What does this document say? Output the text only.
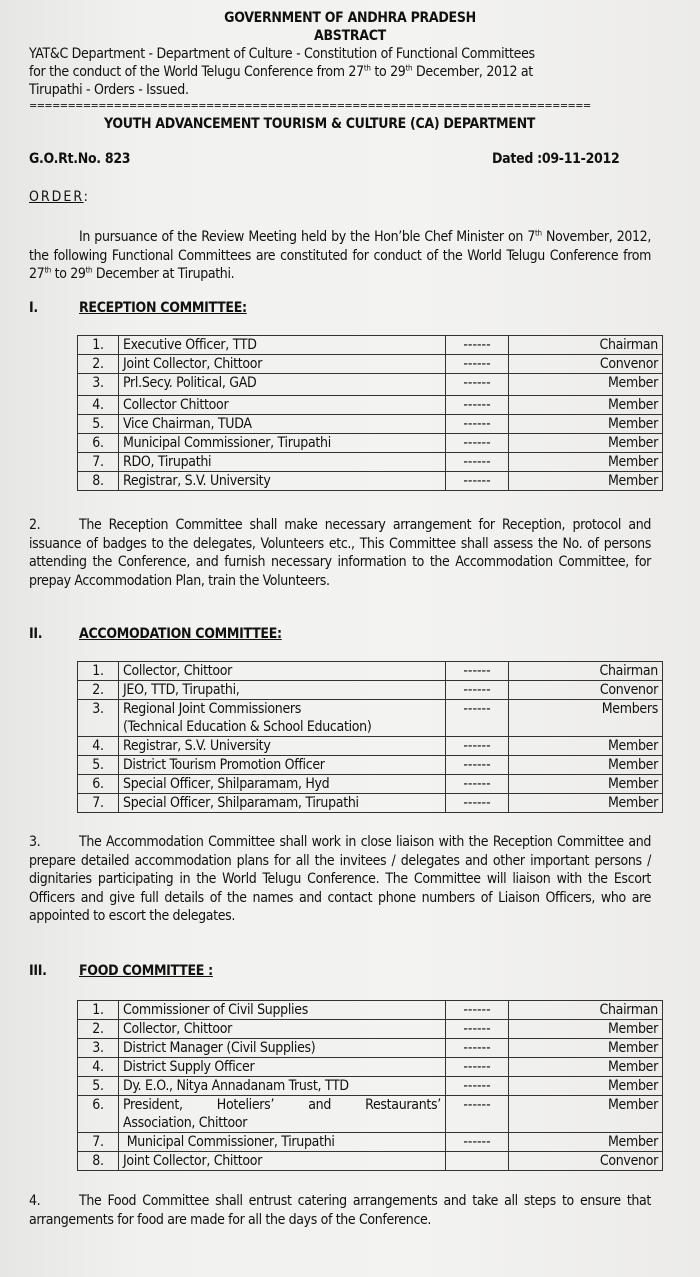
GOVERNMENT OF ANDHRA PRADESH
ABSTRACT
YAT&C Department - Department of Culture - Constitution of Functional Committees
for the conduct of the World Telugu Conference from 27th to 29th December, 2012 at
Tirupathi - Orders - Issued.
=========================================================================
YOUTH ADVANCEMENT TOURISM & CULTURE (CA) DEPARTMENT
G.O.Rt.No. 823	Dated :09-11-2012
ORDER:
In pursuance of the Review Meeting held by the Hon’ble Chef Minister on 7th November, 2012, the following Functional Committees are constituted for conduct of the World Telugu Conference from 27th to 29th December at Tirupathi.
I.	RECEPTION COMMITTEE:
1.	Executive Officer, TTD	------	Chairman
2.	Joint Collector, Chittoor	------	Convenor
3.	Prl.Secy. Political, GAD	------	Member
4.	Collector Chittoor	------	Member
5.	Vice Chairman, TUDA	------	Member
6.	Municipal Commissioner, Tirupathi	------	Member
7.	RDO, Tirupathi	------	Member
8.	Registrar, S.V. University	------	Member
2.	The Reception Committee shall make necessary arrangement for Reception, protocol and issuance of badges to the delegates, Volunteers etc., This Committee shall assess the No. of persons attending the Conference, and furnish necessary information to the Accommodation Committee, for prepay Accommodation Plan, train the Volunteers.
II.	ACCOMODATION COMMITTEE:
1.	Collector, Chittoor	------	Chairman
2.	JEO, TTD, Tirupathi,	------	Convenor
3.	Regional Joint Commissioners
(Technical Education & School Education)	------	Members
4.	Registrar, S.V. University	------	Member
5.	District Tourism Promotion Officer	------	Member
6.	Special Officer, Shilparamam, Hyd	------	Member
7.	Special Officer, Shilparamam, Tirupathi	------	Member
3.	The Accommodation Committee shall work in close liaison with the Reception Committee and prepare detailed accommodation plans for all the invitees / delegates and other important persons / dignitaries participating in the World Telugu Conference. The Committee will liaison with the Escort Officers and give full details of the names and contact phone numbers of Liaison Officers, who are appointed to escort the delegates.
III. FOOD COMMITTEE :
1.	Commissioner of Civil Supplies	------	Chairman
2.	Collector, Chittoor	------	Member
3.	District Manager (Civil Supplies)	------	Member
4.	District Supply Officer	------	Member
5.	Dy. E.O., Nitya Annadanam Trust, TTD	------	Member
6.	President, Hoteliers’ and Restaurants’
Association, Chittoor	------	Member
7.	Municipal Commissioner, Tirupathi	------	Member
8.	Joint Collector, Chittoor		Convenor
4.	The Food Committee shall entrust catering arrangements and take all steps to ensure that arrangements for food are made for all the days of the Conference.
